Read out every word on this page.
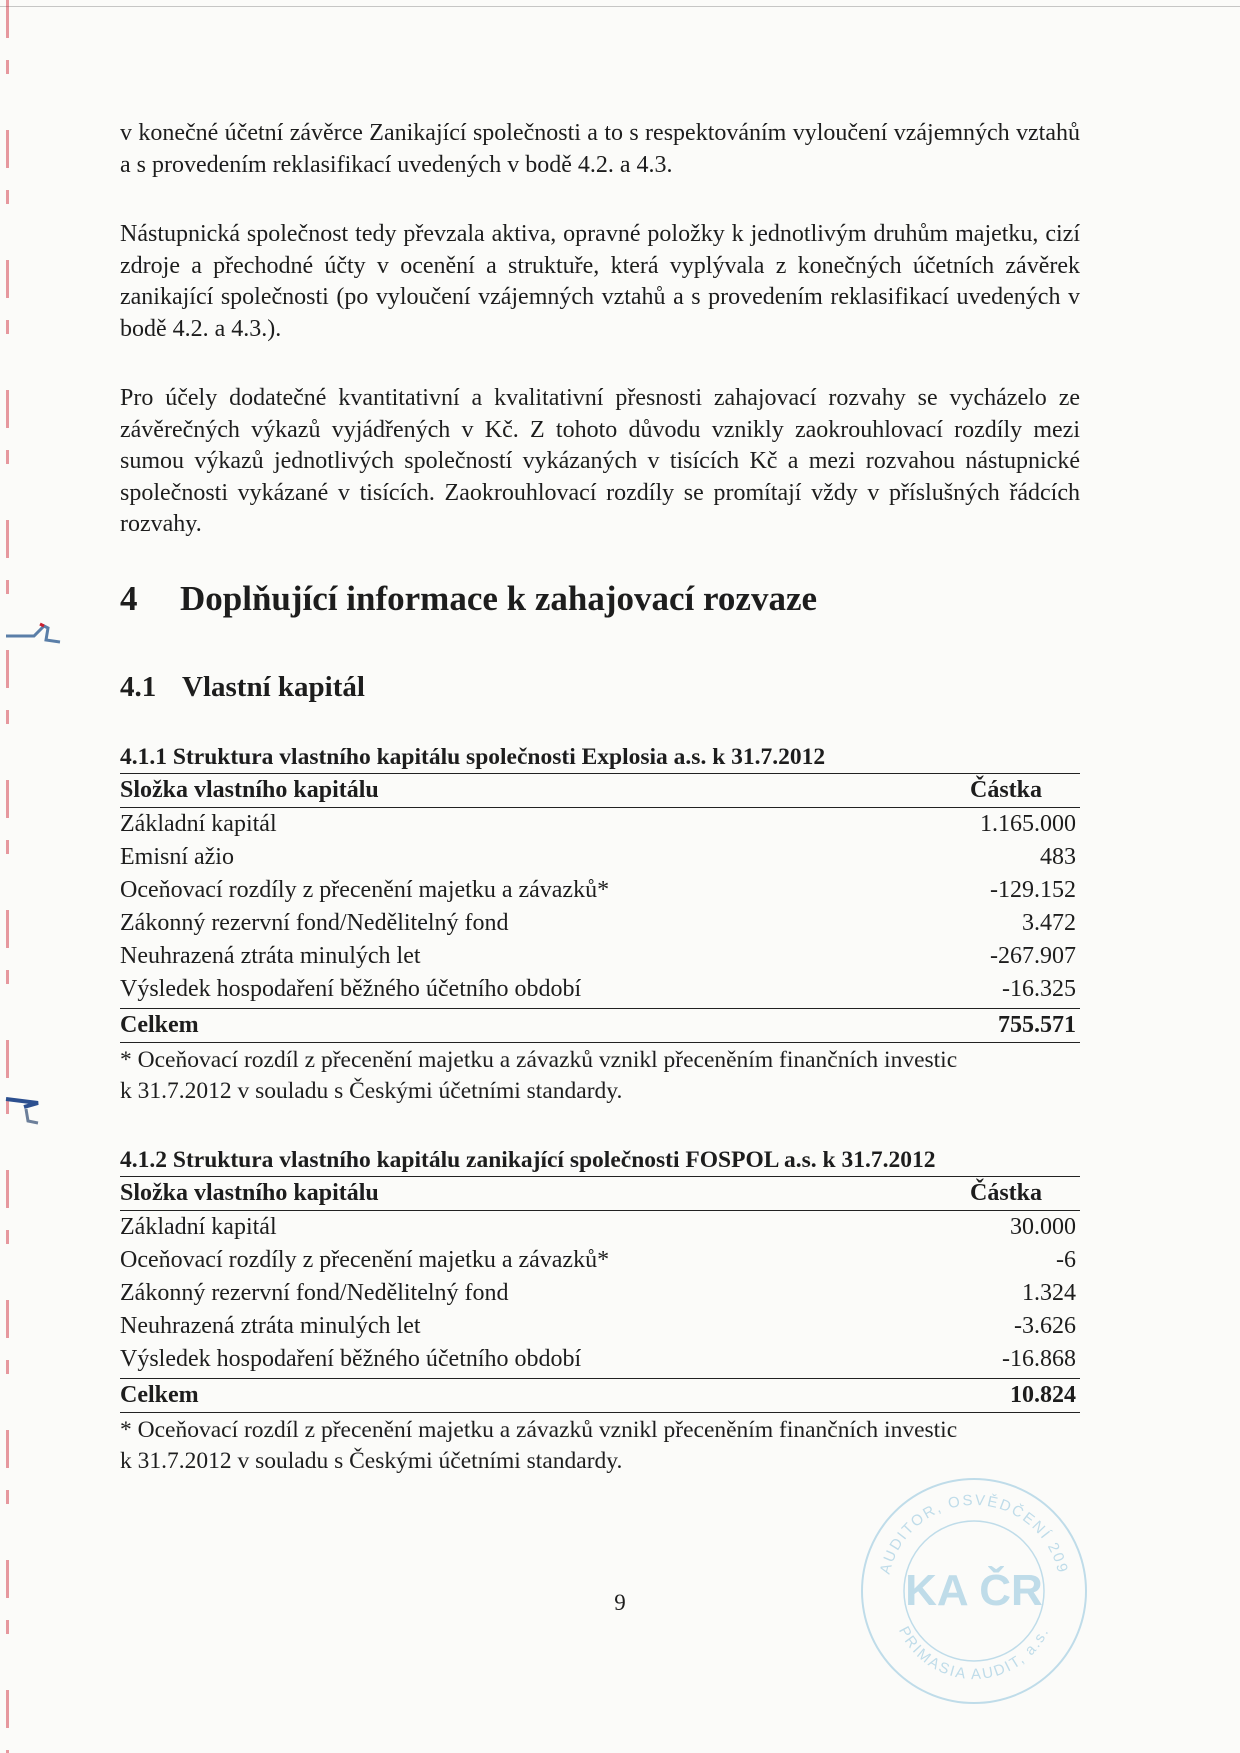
v konečné účetní závěrce Zanikající společnosti a to s respektováním vyloučení vzájemných vztahů a s provedením reklasifikací uvedených v bodě 4.2. a 4.3.

Nástupnická společnost tedy převzala aktiva, opravné položky k jednotlivým druhům majetku, cizí zdroje a přechodné účty v ocenění a struktuře, která vyplývala z konečných účetních závěrek zanikající společnosti (po vyloučení vzájemných vztahů a s provedením reklasifikací uvedených v bodě 4.2. a 4.3.).

Pro účely dodatečné kvantitativní a kvalitativní přesnosti zahajovací rozvahy se vycházelo ze závěrečných výkazů vyjádřených v Kč. Z tohoto důvodu vznikly zaokrouhlovací rozdíly mezi sumou výkazů jednotlivých společností vykázaných v tisících Kč a mezi rozvahou nástupnické společnosti vykázané v tisících. Zaokrouhlovací rozdíly se promítají vždy v příslušných řádcích rozvahy.

4	Doplňující informace k zahajovací rozvaze
4.1 Vlastní kapitál
4.1.1 Struktura vlastního kapitálu společnosti Explosia a.s. k 31.7.2012
Složka vlastního kapitálu	Částka
Základní kapitál	1.165.000
Emisní ažio	483
Oceňovací rozdíly z přecenění majetku a závazků*	-129.152
Zákonný rezervní fond/Nedělitelný fond	3.472
Neuhrazená ztráta minulých let	-267.907
Výsledek hospodaření běžného účetního období	-16.325
Celkem	755.571
* Oceňovací rozdíl z přecenění majetku a závazků vznikl přeceněním finančních investic
k 31.7.2012 v souladu s Českými účetními standardy.
4.1.2 Struktura vlastního kapitálu zanikající společnosti FOSPOL a.s. k 31.7.2012
Složka vlastního kapitálu	Částka
Základní kapitál	30.000
Oceňovací rozdíly z přecenění majetku a závazků*	-6
Zákonný rezervní fond/Nedělitelný fond	1.324
Neuhrazená ztráta minulých let	-3.626
Výsledek hospodaření běžného účetního období	-16.868
Celkem	10.824
* Oceňovací rozdíl z přecenění majetku a závazků vznikl přeceněním finančních investic
k 31.7.2012 v souladu s Českými účetními standardy.
9
AUDITOR, OSVĚDČENÍ 209
PRIMASIA AUDIT, a.s.
KA ČR
